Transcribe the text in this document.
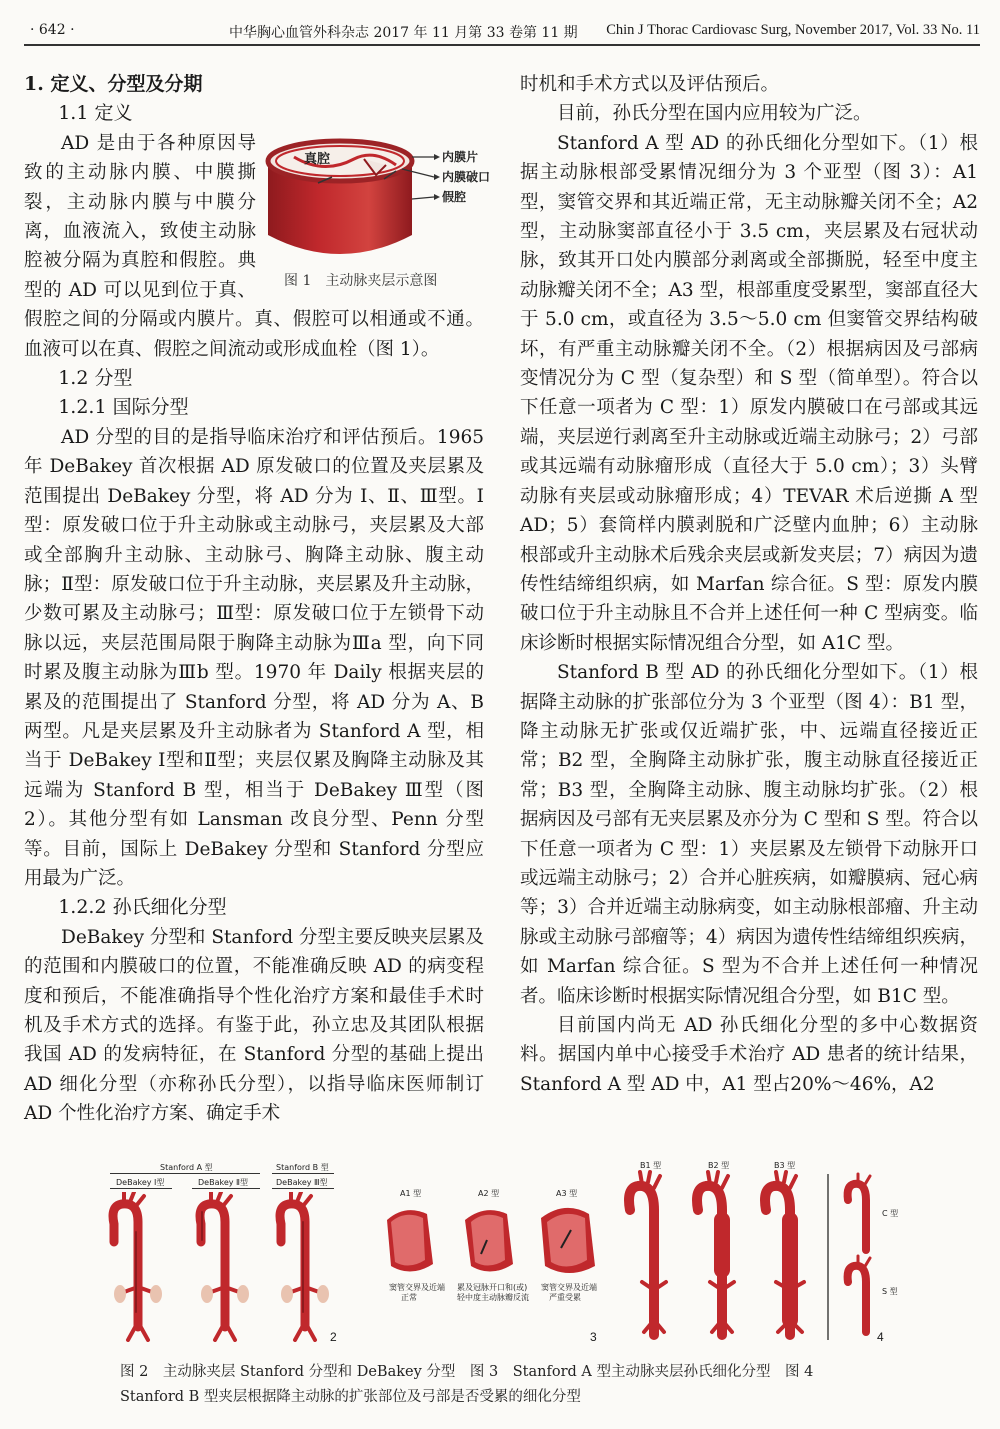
· 642 ·	中华胸心血管外科杂志 2017 年 11 月第 33 卷第 11 期 Chin J Thorac Cardiovasc Surg, November 2017, Vol. 33 No. 11
1. 定义、分型及分期
1.1 定义

真腔	内膜片
内膜破口
假腔
图 1　主动脉夹层示意图
AD 是由于各种原因导致的主动脉内膜、中膜撕裂，主动脉内膜与中膜分离，血液流入，致使主动脉腔被分隔为真腔和假腔。典型的 AD 可以见到位于真、假腔之间的分隔或内膜片。真、假腔可以相通或不通。血液可以在真、假腔之间流动或形成血栓（图 1）。

1.2 分型
1.2.1 国际分型

AD 分型的目的是指导临床治疗和评估预后。1965 年 DeBakey 首次根据 AD 原发破口的位置及夹层累及范围提出 DeBakey 分型，将 AD 分为 Ⅰ、Ⅱ、Ⅲ型。Ⅰ型：原发破口位于升主动脉或主动脉弓，夹层累及大部或全部胸升主动脉、主动脉弓、胸降主动脉、腹主动脉；Ⅱ型：原发破口位于升主动脉，夹层累及升主动脉，少数可累及主动脉弓；Ⅲ型：原发破口位于左锁骨下动脉以远，夹层范围局限于胸降主动脉为Ⅲa 型，向下同时累及腹主动脉为Ⅲb 型。1970 年 Daily 根据夹层的累及的范围提出了 Stanford 分型，将 AD 分为 A、B 两型。凡是夹层累及升主动脉者为 Stanford A 型，相当于 DeBakey Ⅰ型和Ⅱ型；夹层仅累及胸降主动脉及其远端为 Stanford B 型，相当于 DeBakey Ⅲ型（图 2）。其他分型有如 Lansman 改良分型、Penn 分型等。目前，国际上 DeBakey 分型和 Stanford 分型应用最为广泛。

1.2.2 孙氏细化分型

DeBakey 分型和 Stanford 分型主要反映夹层累及的范围和内膜破口的位置，不能准确反映 AD 的病变程度和预后，不能准确指导个性化治疗方案和最佳手术时机及手术方式的选择。有鉴于此，孙立忠及其团队根据我国 AD 的发病特征，在 Stanford 分型的基础上提出 AD 细化分型（亦称孙氏分型），以指导临床医师制订 AD 个性化治疗方案、确定手术

时机和手术方式以及评估预后。

目前，孙氏分型在国内应用较为广泛。

Stanford A 型 AD 的孙氏细化分型如下。（1）根据主动脉根部受累情况细分为 3 个亚型（图 3）：A1 型，窦管交界和其近端正常，无主动脉瓣关闭不全；A2 型，主动脉窦部直径小于 3.5 cm，夹层累及右冠状动脉，致其开口处内膜部分剥离或全部撕脱，轻至中度主动脉瓣关闭不全；A3 型，根部重度受累型，窦部直径大于 5.0 cm，或直径为 3.5～5.0 cm 但窦管交界结构破坏，有严重主动脉瓣关闭不全。（2）根据病因及弓部病变情况分为 C 型（复杂型）和 S 型（简单型）。符合以下任意一项者为 C 型：1）原发内膜破口在弓部或其远端，夹层逆行剥离至升主动脉或近端主动脉弓；2）弓部或其远端有动脉瘤形成（直径大于 5.0 cm）；3）头臂动脉有夹层或动脉瘤形成；4）TEVAR 术后逆撕 A 型 AD；5）套筒样内膜剥脱和广泛壁内血肿；6）主动脉根部或升主动脉术后残余夹层或新发夹层；7）病因为遗传性结缔组织病，如 Marfan 综合征。S 型：原发内膜破口位于升主动脉且不合并上述任何一种 C 型病变。临床诊断时根据实际情况组合分型，如 A1C 型。

Stanford B 型 AD 的孙氏细化分型如下。（1）根据降主动脉的扩张部位分为 3 个亚型（图 4）：B1 型，降主动脉无扩张或仅近端扩张，中、远端直径接近正常；B2 型，全胸降主动脉扩张，腹主动脉直径接近正常；B3 型，全胸降主动脉、腹主动脉均扩张。（2）根据病因及弓部有无夹层累及亦分为 C 型和 S 型。符合以下任意一项者为 C 型：1）夹层累及左锁骨下动脉开口或远端主动脉弓；2）合并心脏疾病，如瓣膜病、冠心病等；3）合并近端主动脉病变，如主动脉根部瘤、升主动脉或主动脉弓部瘤等；4）病因为遗传性结缔组织疾病，如 Marfan 综合征。S 型为不合并上述任何一种情况者。临床诊断时根据实际情况组合分型，如 B1C 型。

目前国内尚无 AD 孙氏细化分型的多中心数据资料。据国内单中心接受手术治疗 AD 患者的统计结果，Stanford A 型 AD 中，A1 型占20%～46%，A2

Stanford A 型	Stanford B 型
DeBakey Ⅰ型	DeBakey Ⅱ型	DeBakey Ⅲ型
2
A1 型	A2 型	A3 型
窦管交界及近端
正常
累及冠脉开口和(或)
轻中度主动脉瓣反流
窦管交界及近端
严重受累
3
B1 型	B2 型	B3 型
C 型
S 型
4
图 2　主动脉夹层 Stanford 分型和 DeBakey 分型　图 3　Stanford A 型主动脉夹层孙氏细化分型　图 4　Stanford B 型夹层根据降主动脉的扩张部位及弓部是否受累的细化分型
